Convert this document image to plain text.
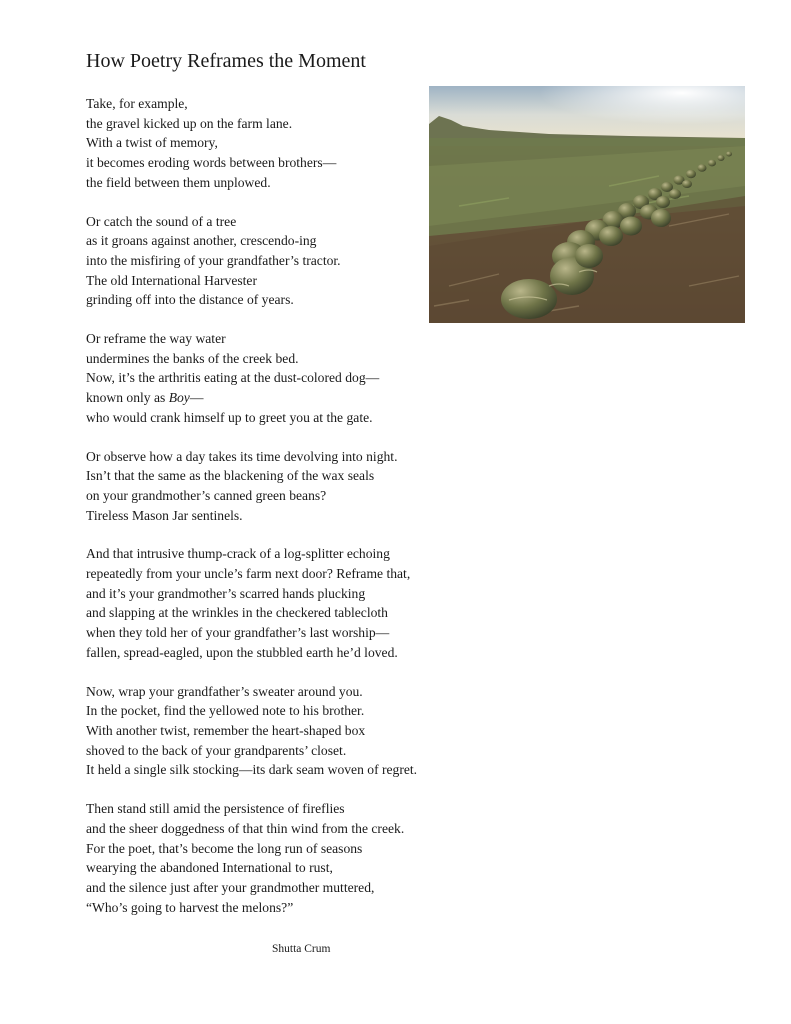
How Poetry Reframes the Moment
Take, for example,
the gravel kicked up on the farm lane.
With a twist of memory,
it becomes eroding words between brothers—
the field between them unplowed.
Or catch the sound of a tree
as it groans against another, crescendo-ing
into the misfiring of your grandfather’s tractor.
The old International Harvester
grinding off into the distance of years.
Or reframe the way water
undermines the banks of the creek bed.
Now, it’s the arthritis eating at the dust-colored dog—
known only as Boy—
who would crank himself up to greet you at the gate.
Or observe how a day takes its time devolving into night.
Isn’t that the same as the blackening of the wax seals
on your grandmother’s canned green beans?
Tireless Mason Jar sentinels.
And that intrusive thump-crack of a log-splitter echoing
repeatedly from your uncle’s farm next door? Reframe that,
and it’s your grandmother’s scarred hands plucking
and slapping at the wrinkles in the checkered tablecloth
when they told her of your grandfather’s last worship—
fallen, spread-eagled, upon the stubbled earth he’d loved.
Now, wrap your grandfather’s sweater around you.
In the pocket, find the yellowed note to his brother.
With another twist, remember the heart-shaped box
shoved to the back of your grandparents’ closet.
It held a single silk stocking—its dark seam woven of regret.
Then stand still amid the persistence of fireflies
and the sheer doggedness of that thin wind from the creek.
For the poet, that’s become the long run of seasons
wearying the abandoned International to rust,
and the silence just after your grandmother muttered,
“Who’s going to harvest the melons?”
Shutta Crum
